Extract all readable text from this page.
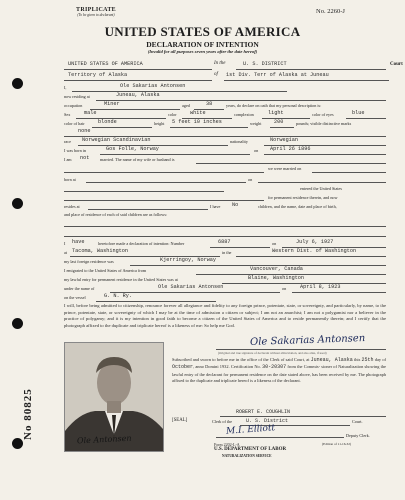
TRIPLICATE
(To be given to declarant)	No. 2260-J
UNITED STATES OF AMERICA
DECLARATION OF INTENTION
(Invalid for all purposes seven years after the date hereof)
UNITED STATES OF AMERICA	In the	U. S. DISTRICT	Court
Territory of Alaska	of 1st Div. Terr of Alaska at Juneau
I,	Ole Sakarias Antonsen
now residing at	Juneau, Alaska
occupation	Miner	aged	38	years, do declare on oath that my personal description is:
Sex	male	color	white	complexion	light	color of eyes	blue
color of hair	blonde	height 5 feet 10 inches	weight 200	pounds; visible distinctive marks
none
race Norwegian Scandinavian	nationality	Norwegian
I was born in	Gos Folle, Norway	on April 26 1896
I am not	married. The name of my wife or husband is
we were married on
born at	on
entered the United States
for permanent residence therein, and now
resides at	I have No	children, and the name, date and place of birth,
and place of residence of each of said children are as follows:
I have	heretofore made a declaration of intention: Number	6887	on	July 6, 1927
at Tacoma, Washington	in the	Western Dist. of Washington
my last foreign residence was	Kjerringoy, Norway
I emigrated to the United States of America from	Vancouver, Canada
my lawful entry for permanent residence in the United States was at	Blaine, Washington
under the name of	Ole Sakarias Antonsen	on	April 8, 1923
on the vessel	G. N. Ry.
I will, before being admitted to citizenship, renounce forever all allegiance and fidelity to any foreign prince, potentate, state, or sovereignty, and particularly, by name, to the prince, potentate, state, or sovereignty of which I may be at the time of admission a citizen or subject; I am not an anarchist; I am not a polygamist nor a believer in the practice of polygamy; and it is my intention in good faith to become a citizen of the United States of America and to reside permanently therein; and I certify that the photograph affixed to the duplicate and triplicate hereof is a likeness of me: So help me God.
Ole Sakarias Antonsen
(Original and true signature of declarant without abbreviation, and also alias, if used)
Ole Antonsen
No 80825
Subscribed and sworn to before me in the office of the Clerk of said Court, at Juneau, Alaska this 25th day of October, anno Domini 1932. Certification No. 30-20307 from the Commis- sioner of Naturalization showing the lawful entry of the declarant for permanent residence on the date stated above, has been received by me. The photograph affixed to the duplicate and triplicate hereof is a likeness of the declarant.
ROBERT E. COUGHLIN
[SEAL]	Clerk of the	U. S. District	Court.
M.I. Elliott	Deputy Clerk.
Form 2202-L-A
U.S. DEPARTMENT OF LABOR
NATURALIZATION SERVICE
(Edition of 11-16-32)
